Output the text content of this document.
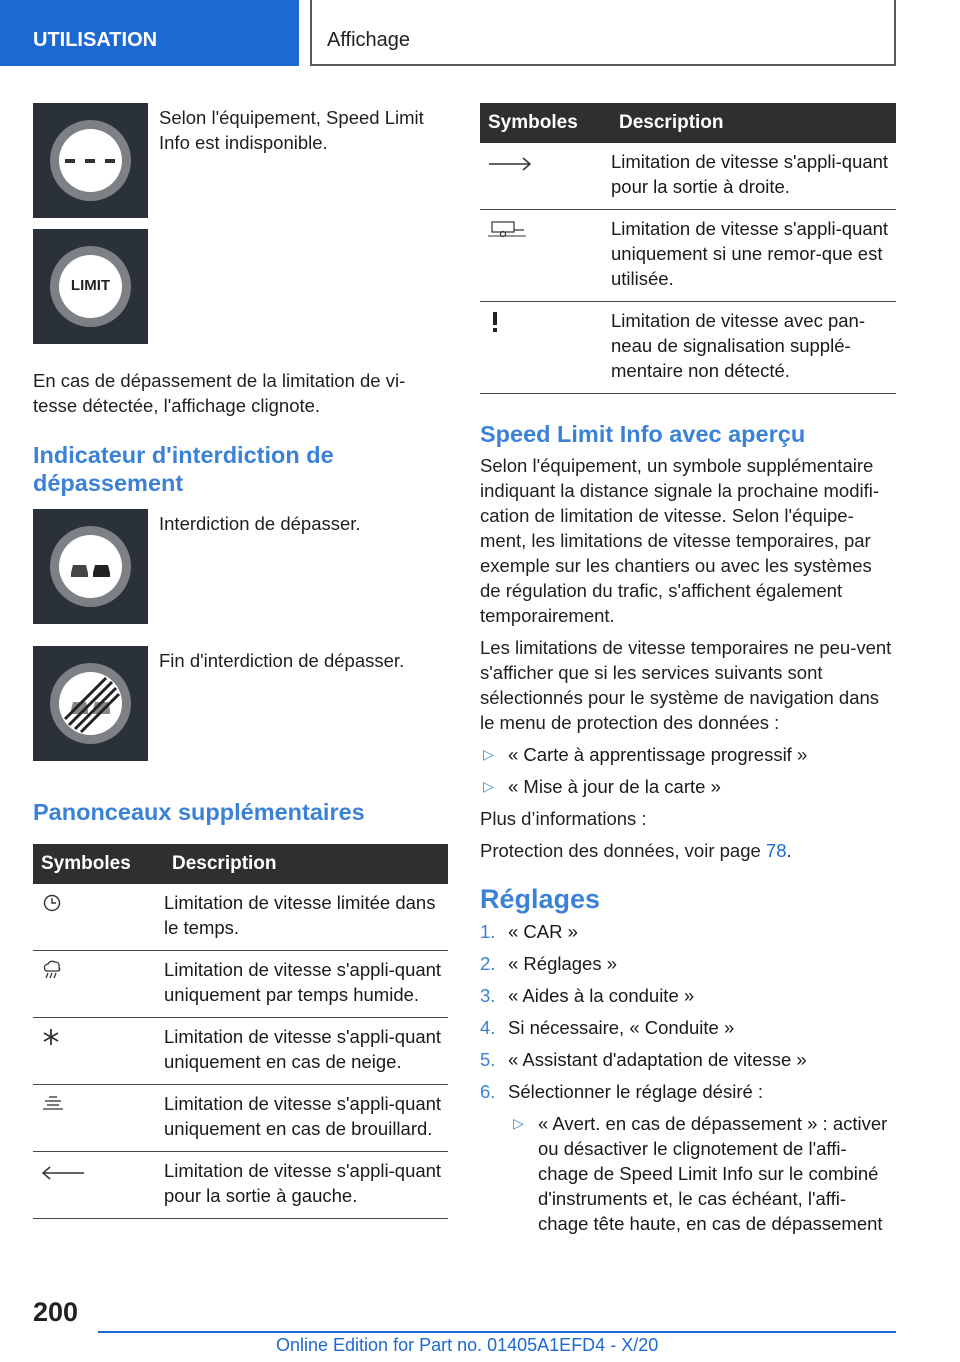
UTILISATION	Affichage
Selon l'équipement, Speed Limit Info est indisponible.
LIMIT
En cas de dépassement de la limitation de vi-tesse détectée, l'affichage clignote.
Indicateur d'interdiction de dépassement
Interdiction de dépasser.
Fin d'interdiction de dépasser.
Panonceaux supplémentaires
Symboles	Description
	Limitation de vitesse limitée dans le temps.
	Limitation de vitesse s'appli-quant uniquement par temps humide.
	Limitation de vitesse s'appli-quant uniquement en cas de neige.
	Limitation de vitesse s'appli-quant uniquement en cas de brouillard.
	Limitation de vitesse s'appli-quant pour la sortie à gauche.
Symboles	Description
	Limitation de vitesse s'appli-quant pour la sortie à droite.
	Limitation de vitesse s'appli-quant uniquement si une remor-que est utilisée.
	Limitation de vitesse avec pan-neau de signalisation supplé-mentaire non détecté.
Speed Limit Info avec aperçu
Selon l'équipement, un symbole supplémentaire indiquant la distance signale la prochaine modifi-cation de limitation de vitesse. Selon l'équipe-ment, les limitations de vitesse temporaires, par exemple sur les chantiers ou avec les systèmes de régulation du trafic, s'affichent également temporairement.
Les limitations de vitesse temporaires ne peu-vent s'afficher que si les services suivants sont sélectionnés pour le système de navigation dans le menu de protection des données :
▷ « Carte à apprentissage progressif »
▷ « Mise à jour de la carte »
Plus d’informations :
Protection des données, voir page 78.
Réglages
1. « CAR »
2. « Réglages »
3. « Aides à la conduite »
4. Si nécessaire, « Conduite »
5. « Assistant d'adaptation de vitesse »
6. Sélectionner le réglage désiré :
▷ « Avert. en cas de dépassement » : activer ou désactiver le clignotement de l'affi-chage de Speed Limit Info sur le combiné d'instruments et, le cas échéant, l'affi-chage tête haute, en cas de dépassement
200
Online Edition for Part no. 01405A1EFD4 - X/20
